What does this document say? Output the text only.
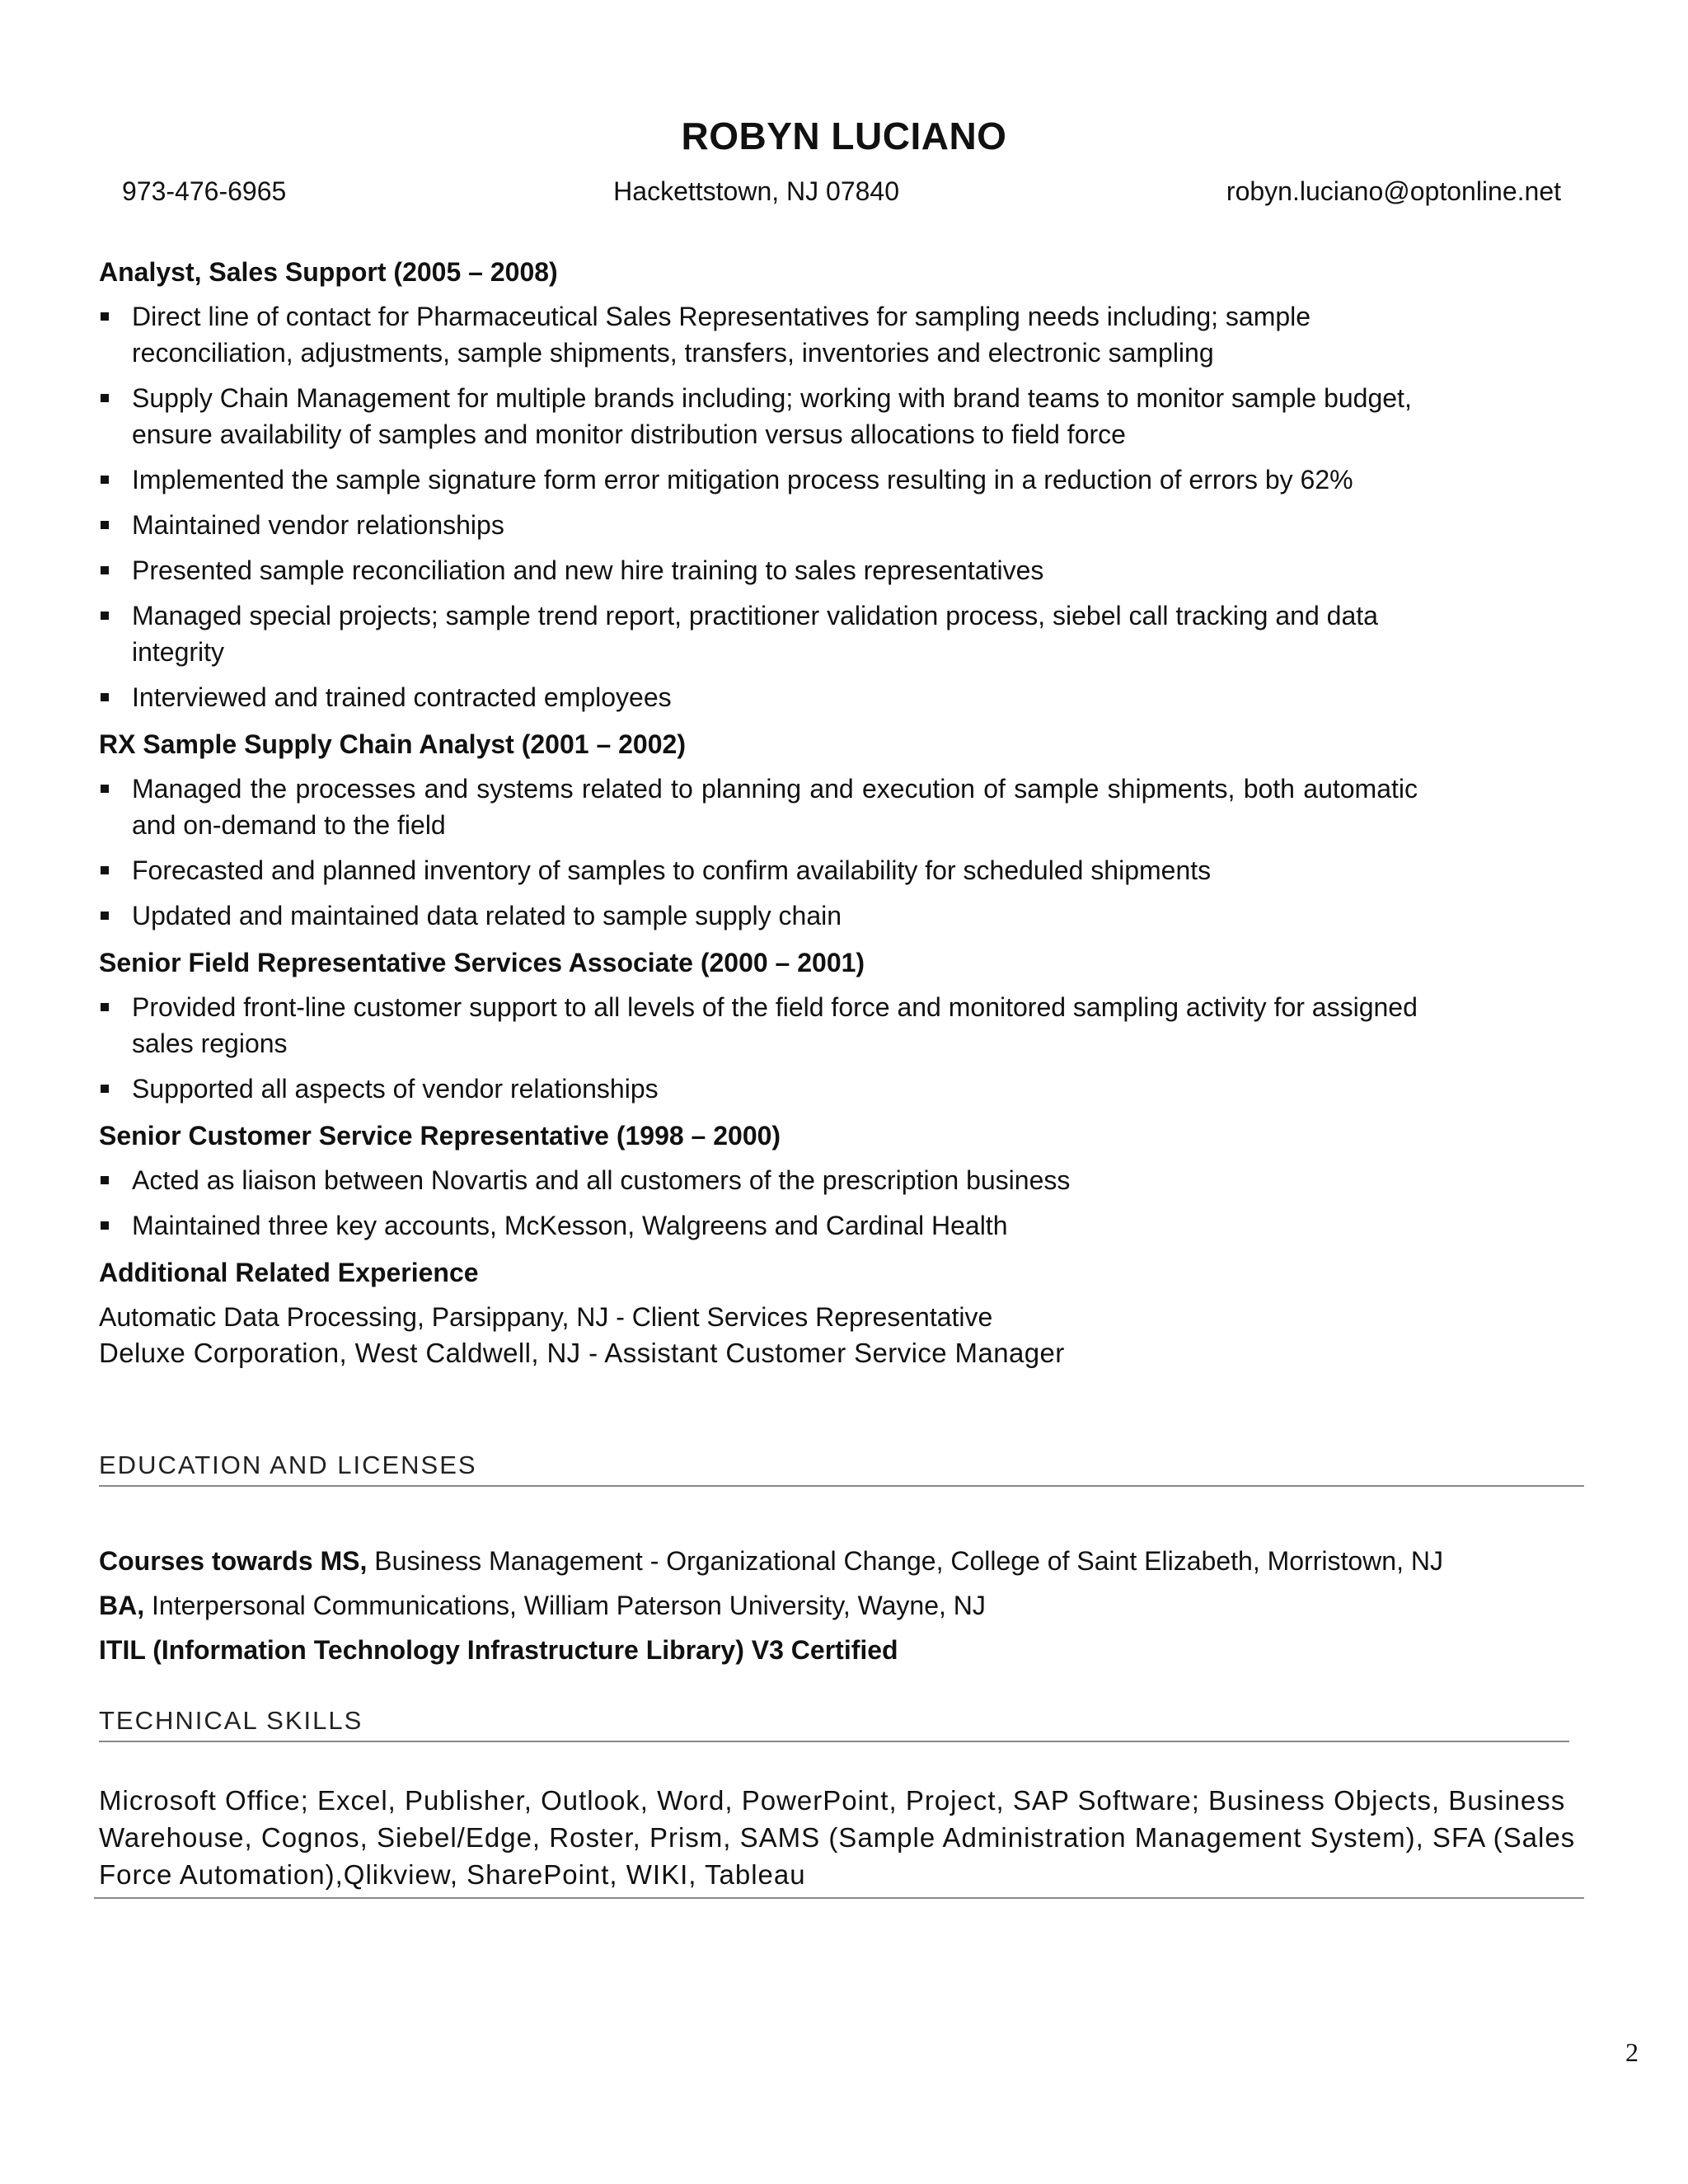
ROBYN LUCIANO
973-476-6965	Hackettstown, NJ 07840	robyn.luciano@optonline.net

Analyst, Sales Support (2005 – 2008)

Direct line of contact for Pharmaceutical Sales Representatives for sampling needs including; sample reconciliation, adjustments, sample shipments, transfers, inventories and electronic sampling
Supply Chain Management for multiple brands including; working with brand teams to monitor sample budget, ensure availability of samples and monitor distribution versus allocations to field force
Implemented the sample signature form error mitigation process resulting in a reduction of errors by 62%
Maintained vendor relationships
Presented sample reconciliation and new hire training to sales representatives
Managed special projects; sample trend report, practitioner validation process, siebel call tracking and data integrity
Interviewed and trained contracted employees

RX Sample Supply Chain Analyst (2001 – 2002)

Managed the processes and systems related to planning and execution of sample shipments, both automatic and on-demand to the field
Forecasted and planned inventory of samples to confirm availability for scheduled shipments
Updated and maintained data related to sample supply chain

Senior Field Representative Services Associate (2000 – 2001)

Provided front-line customer support to all levels of the field force and monitored sampling activity for assigned sales regions
Supported all aspects of vendor relationships

Senior Customer Service Representative (1998 – 2000)

Acted as liaison between Novartis and all customers of the prescription business
Maintained three key accounts, McKesson, Walgreens and Cardinal Health

Additional Related Experience

Automatic Data Processing, Parsippany, NJ - Client Services Representative

Deluxe Corporation, West Caldwell, NJ - Assistant Customer Service Manager

EDUCATION AND LICENSES

Courses towards MS, Business Management - Organizational Change, College of Saint Elizabeth, Morristown, NJ

BA, Interpersonal Communications, William Paterson University, Wayne, NJ

ITIL (Information Technology Infrastructure Library) V3 Certified

TECHNICAL SKILLS

Microsoft Office; Excel, Publisher, Outlook, Word, PowerPoint, Project, SAP Software; Business Objects, Business Warehouse, Cognos, Siebel/Edge, Roster, Prism, SAMS (Sample Administration Management System), SFA (Sales Force Automation),Qlikview, SharePoint, WIKI, Tableau

2
